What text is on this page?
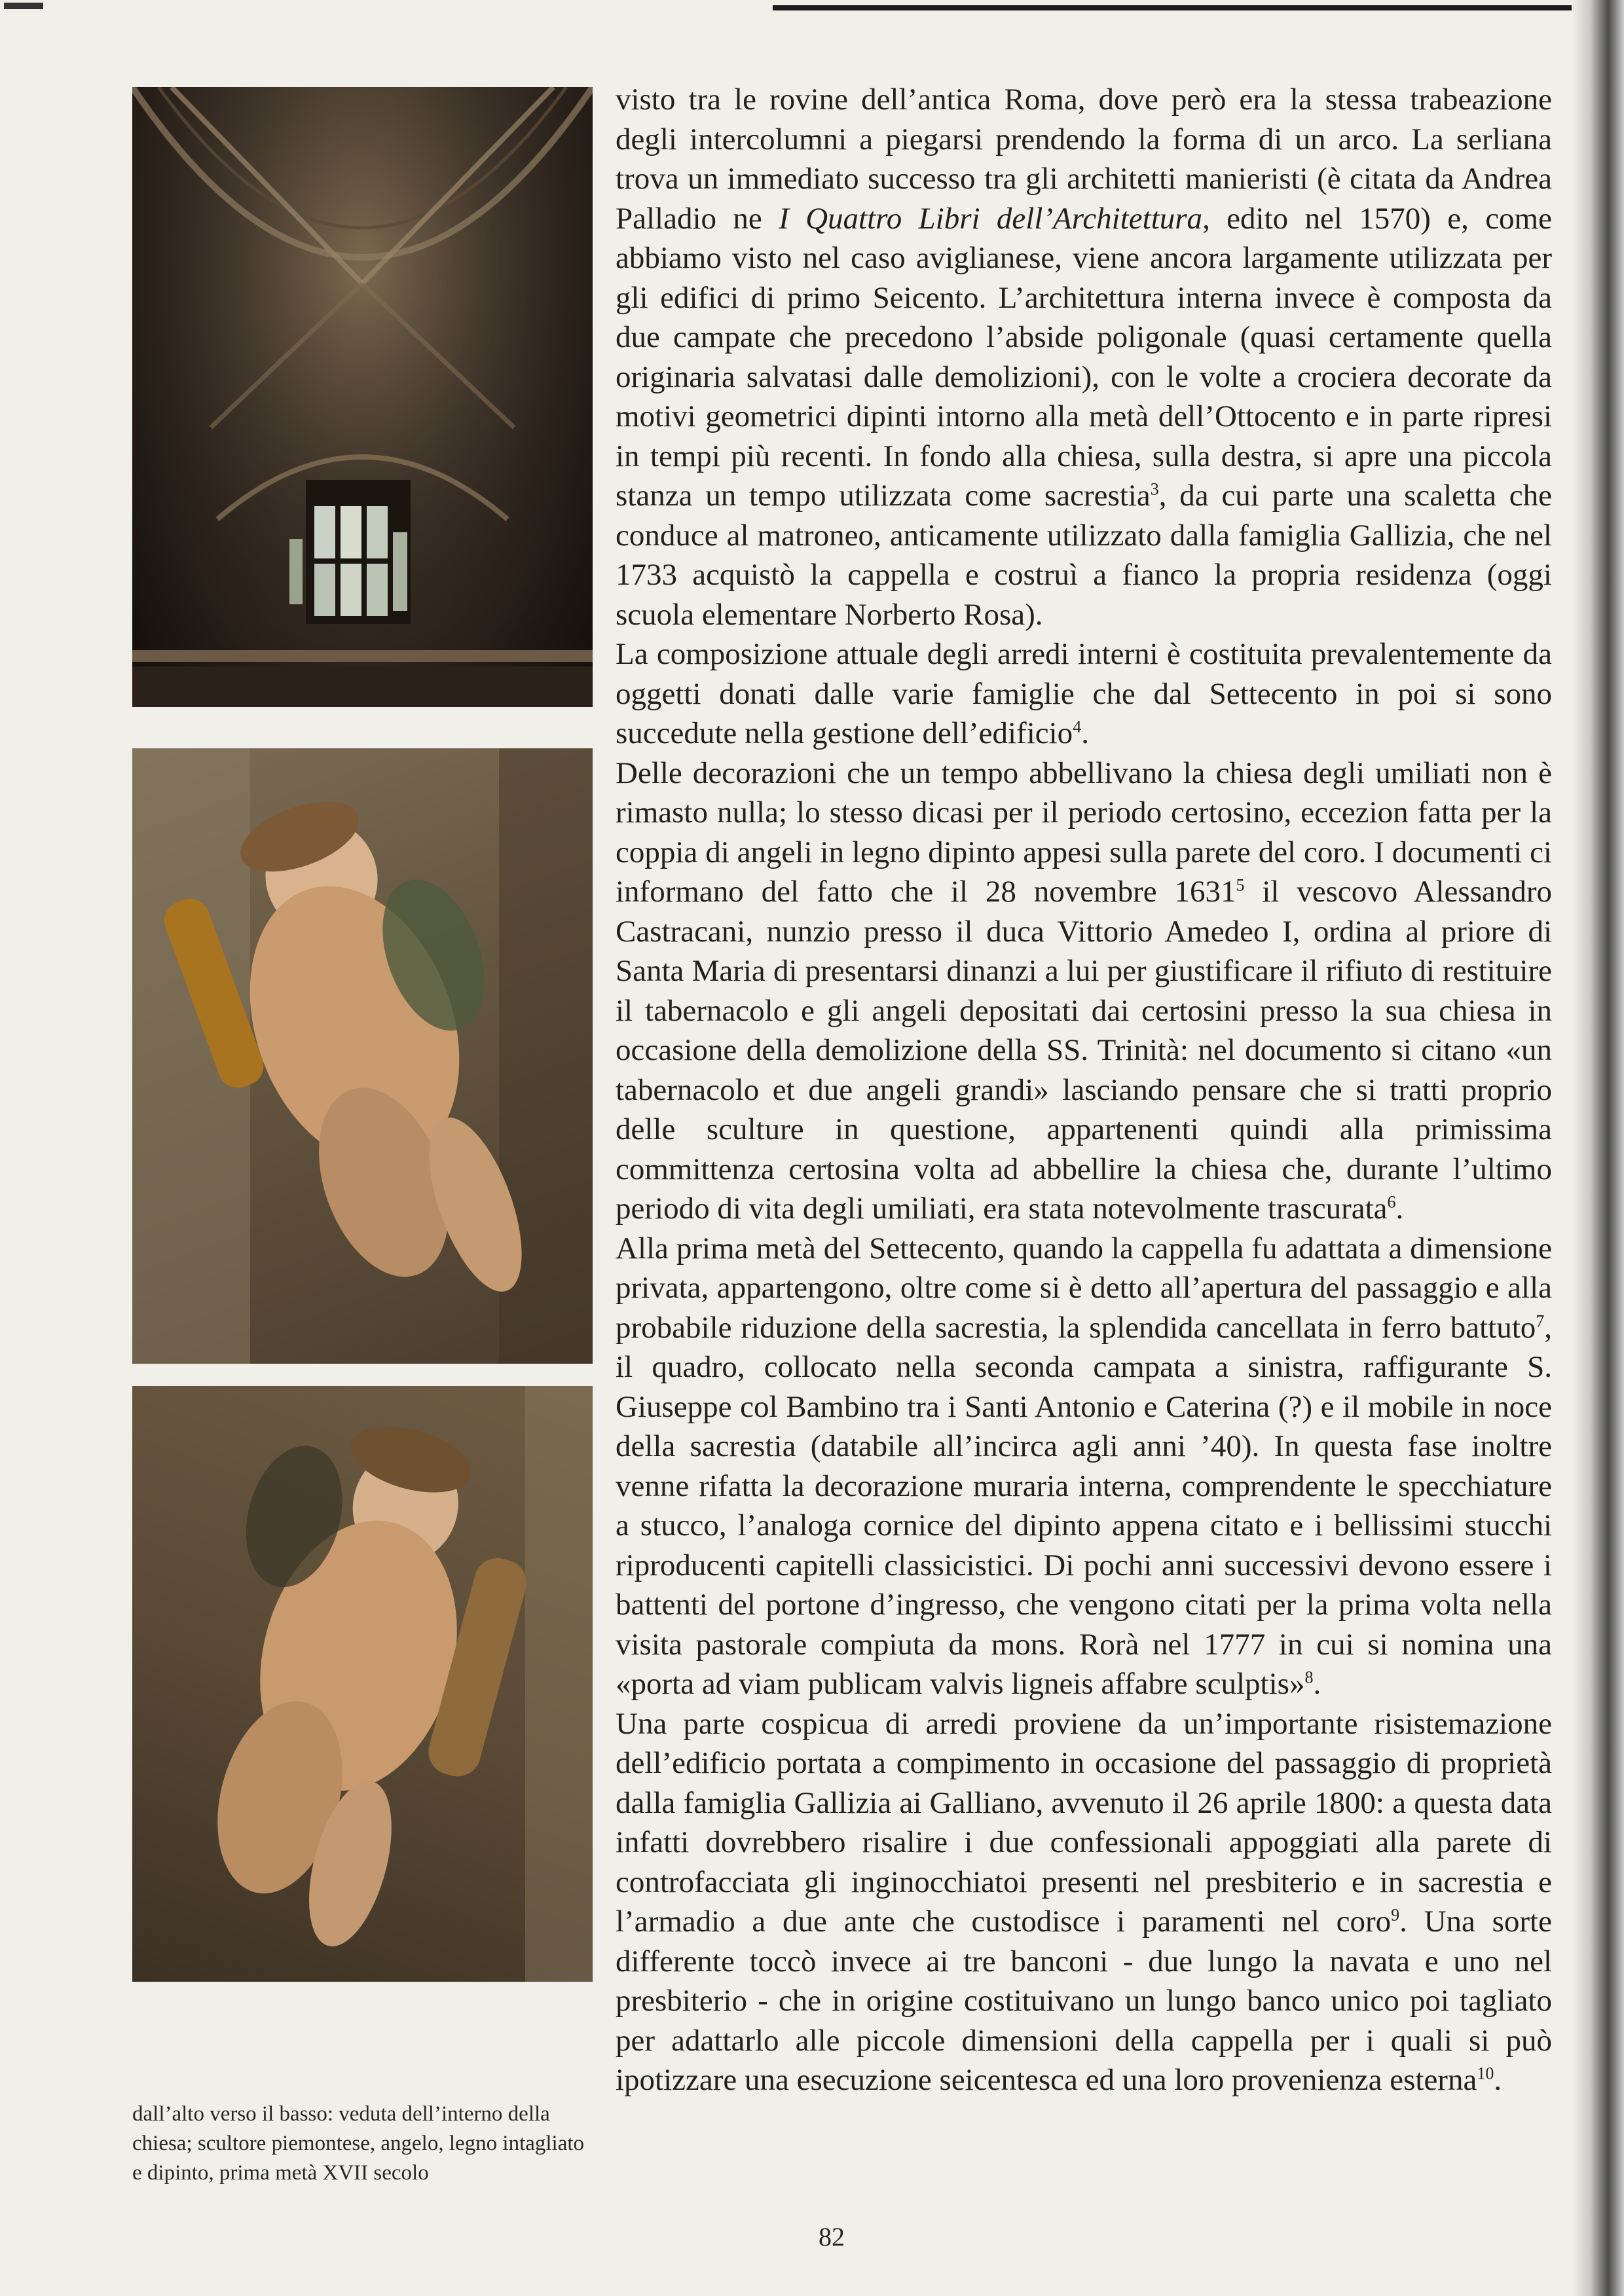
dall’alto verso il basso: veduta dell’interno della chiesa; scultore piemontese, angelo, legno intagliato e dipinto, prima metà XVII secolo

visto tra le rovine dell’antica Roma, dove però era la stessa trabeazione degli intercolumni a piegarsi prendendo la forma di un arco. La serliana trova un immediato successo tra gli architetti manieristi (è citata da Andrea Palladio ne I Quattro Libri dell’Architettura, edito nel 1570) e, come abbiamo visto nel caso aviglianese, viene ancora largamente utilizzata per gli edifici di primo Seicento. L’architettura interna invece è composta da due campate che precedono l’abside poligonale (quasi certamente quella originaria salvatasi dalle demolizioni), con le volte a crociera decorate da motivi geometrici dipinti intorno alla metà dell’Ottocento e in parte ripresi in tempi più recenti. In fondo alla chiesa, sulla destra, si apre una piccola stanza un tempo utilizzata come sacrestia$^3$, da cui parte una scaletta che conduce al matroneo, anticamente utilizzato dalla famiglia Gallizia, che nel 1733 acquistò la cappella e costruì a fianco la propria residenza (oggi scuola elementare Norberto Rosa).

La composizione attuale degli arredi interni è costituita prevalentemente da oggetti donati dalle varie famiglie che dal Settecento in poi si sono succedute nella gestione dell’edificio$^4$.

Delle decorazioni che un tempo abbellivano la chiesa degli umiliati non è rimasto nulla; lo stesso dicasi per il periodo certosino, eccezion fatta per la coppia di angeli in legno dipinto appesi sulla parete del coro. I documenti ci informano del fatto che il 28 novembre 1631$^5$ il vescovo Alessandro Castracani, nunzio presso il duca Vittorio Amedeo I, ordina al priore di Santa Maria di presentarsi dinanzi a lui per giustificare il rifiuto di restituire il tabernacolo e gli angeli depositati dai certosini presso la sua chiesa in occasione della demolizione della SS. Trinità: nel documento si citano «un tabernacolo et due angeli grandi» lasciando pensare che si tratti proprio delle sculture in questione, appartenenti quindi alla primissima committenza certosina volta ad abbellire la chiesa che, durante l’ultimo periodo di vita degli umiliati, era stata notevolmente trascurata$^6$.

Alla prima metà del Settecento, quando la cappella fu adattata a dimensione privata, appartengono, oltre come si è detto all’apertura del passaggio e alla probabile riduzione della sacrestia, la splendida cancellata in ferro battuto$^7$, il quadro, collocato nella seconda campata a sinistra, raffigurante S. Giuseppe col Bambino tra i Santi Antonio e Caterina (?) e il mobile in noce della sacrestia (databile all’incirca agli anni ’40). In questa fase inoltre venne rifatta la decorazione muraria interna, comprendente le specchiature a stucco, l’analoga cornice del dipinto appena citato e i bellissimi stucchi riproducenti capitelli classicistici. Di pochi anni successivi devono essere i battenti del portone d’ingresso, che vengono citati per la prima volta nella visita pastorale compiuta da mons. Rorà nel 1777 in cui si nomina una «porta ad viam publicam valvis ligneis affabre sculptis»$^8$.

Una parte cospicua di arredi proviene da un’importante risistemazione dell’edificio portata a compimento in occasione del passaggio di proprietà dalla famiglia Gallizia ai Galliano, avvenuto il 26 aprile 1800: a questa data infatti dovrebbero risalire i due confessionali appoggiati alla parete di controfacciata gli inginocchiatoi presenti nel presbiterio e in sacrestia e l’armadio a due ante che custodisce i paramenti nel coro$^9$. Una sorte differente toccò invece ai tre banconi - due lungo la navata e uno nel presbiterio - che in origine costituivano un lungo banco unico poi tagliato per adattarlo alle piccole dimensioni della cappella per i quali si può ipotizzare una esecuzione seicentesca ed una loro provenienza esterna$^{10}$.

82
